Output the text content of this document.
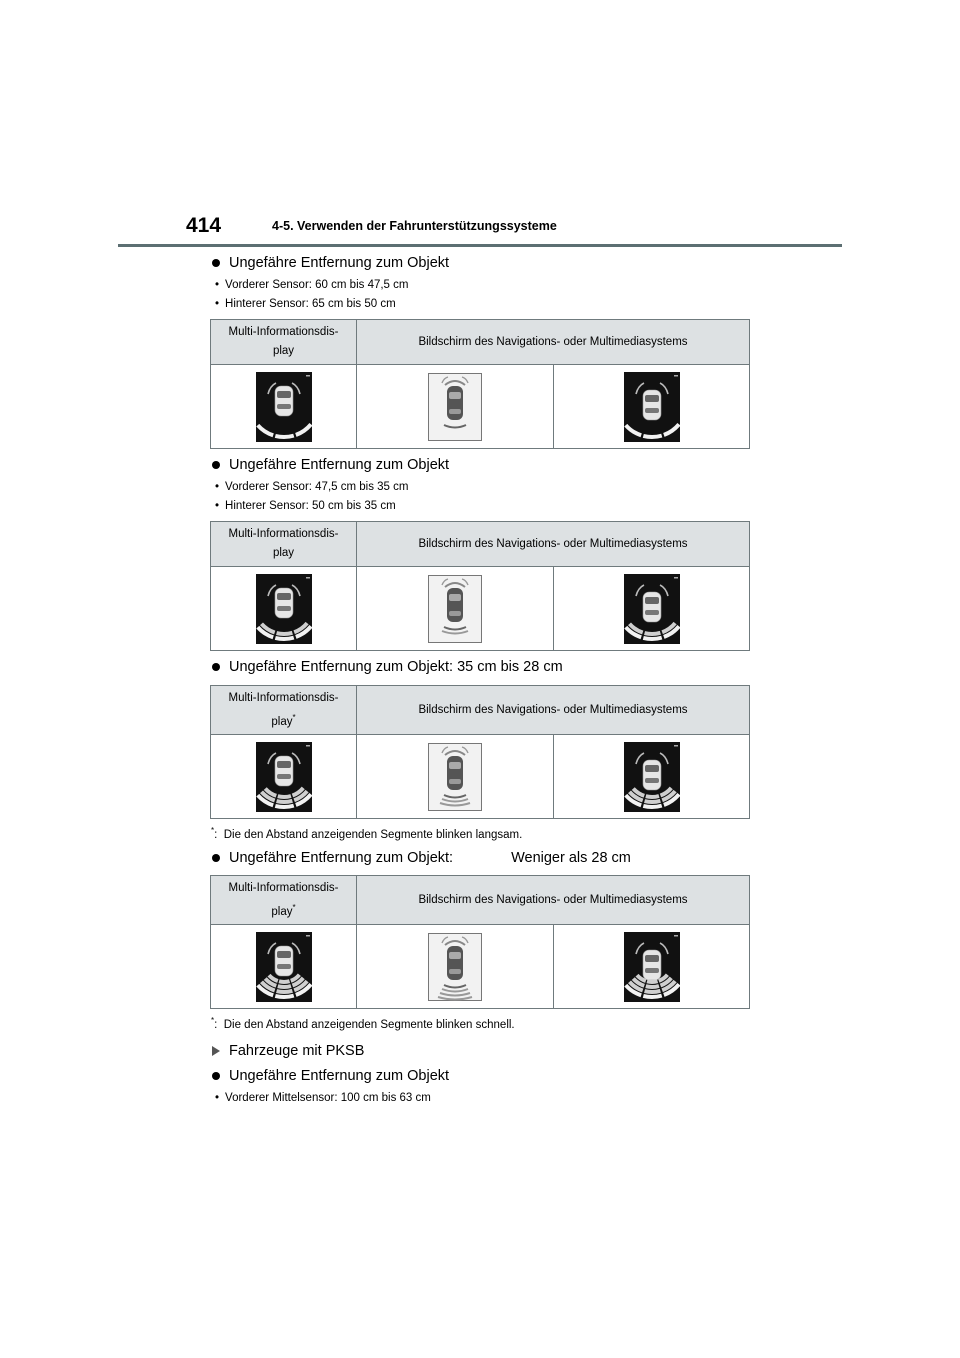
414	4-5. Verwenden der Fahrunterstützungssysteme
Ungefähre Entfernung zum Objekt
• Vorderer Sensor: 60 cm bis 47,5 cm
• Hinterer Sensor: 65 cm bis 50 cm
Multi-Informationsdis-
play	Bildschirm des Navigations- oder Multimediasystems	

Ungefähre Entfernung zum Objekt
• Vorderer Sensor: 47,5 cm bis 35 cm
• Hinterer Sensor: 50 cm bis 35 cm
Multi-Informationsdis-
play	Bildschirm des Navigations- oder Multimediasystems	

Ungefähre Entfernung zum Objekt: 35 cm bis 28 cm
Multi-Informationsdis-
play*	Bildschirm des Navigations- oder Multimediasystems	

*:  Die den Abstand anzeigenden Segmente blinken langsam.
Ungefähre Entfernung zum Objekt:	Weniger als 28 cm
Multi-Informationsdis-
play*	Bildschirm des Navigations- oder Multimediasystems	

*:  Die den Abstand anzeigenden Segmente blinken schnell.
Fahrzeuge mit PKSB
Ungefähre Entfernung zum Objekt
• Vorderer Mittelsensor: 100 cm bis 63 cm
